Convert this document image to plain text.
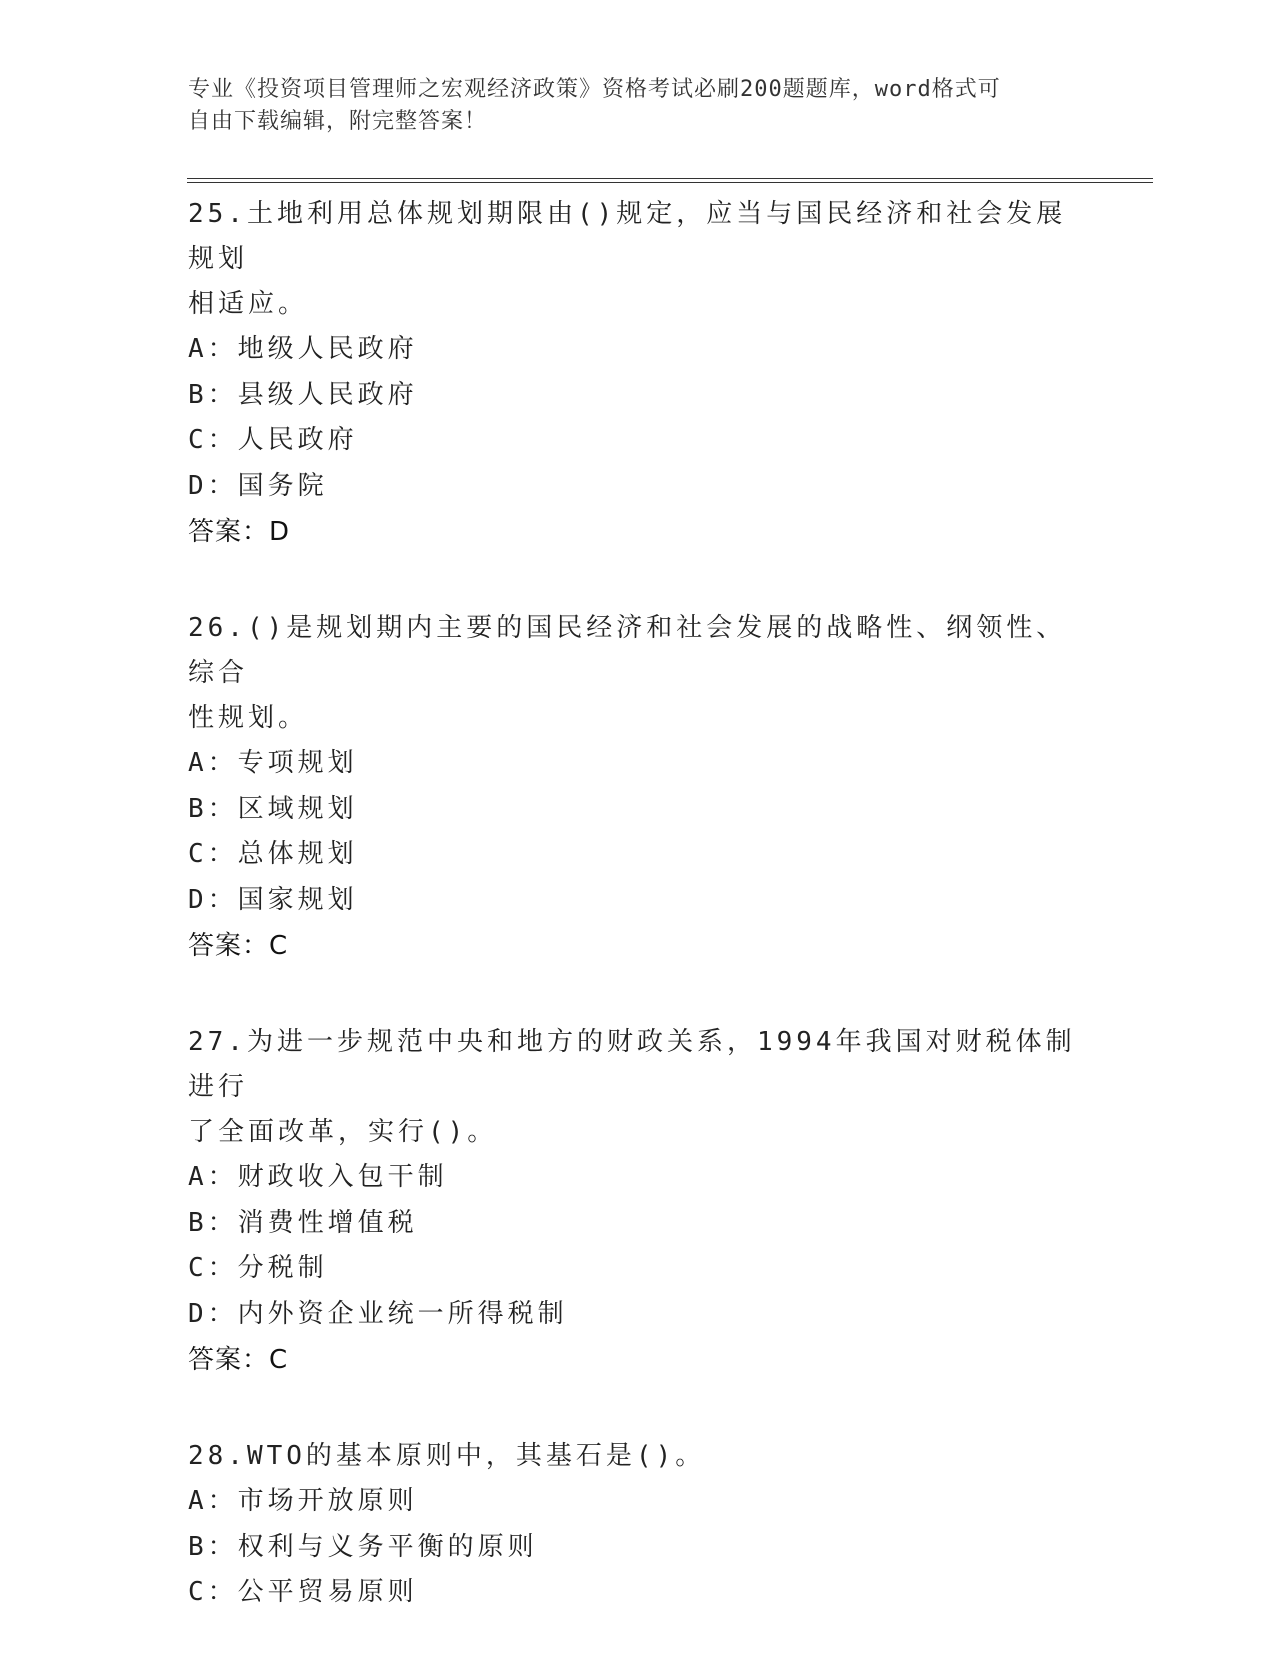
专业《投资项目管理师之宏观经济政策》资格考试必刷200题题库，word格式可
自由下载编辑，附完整答案！
25.土地利用总体规划期限由()规定，应当与国民经济和社会发展规划
相适应。
A：地级人民政府
B：县级人民政府
C：人民政府
D：国务院
答案：D
26.()是规划期内主要的国民经济和社会发展的战略性、纲领性、综合
性规划。
A：专项规划
B：区域规划
C：总体规划
D：国家规划
答案：C
27.为进一步规范中央和地方的财政关系，1994年我国对财税体制进行
了全面改革，实行()。
A：财政收入包干制
B：消费性增值税
C：分税制
D：内外资企业统一所得税制
答案：C
28.WTO的基本原则中，其基石是()。
A：市场开放原则
B：权利与义务平衡的原则
C：公平贸易原则
